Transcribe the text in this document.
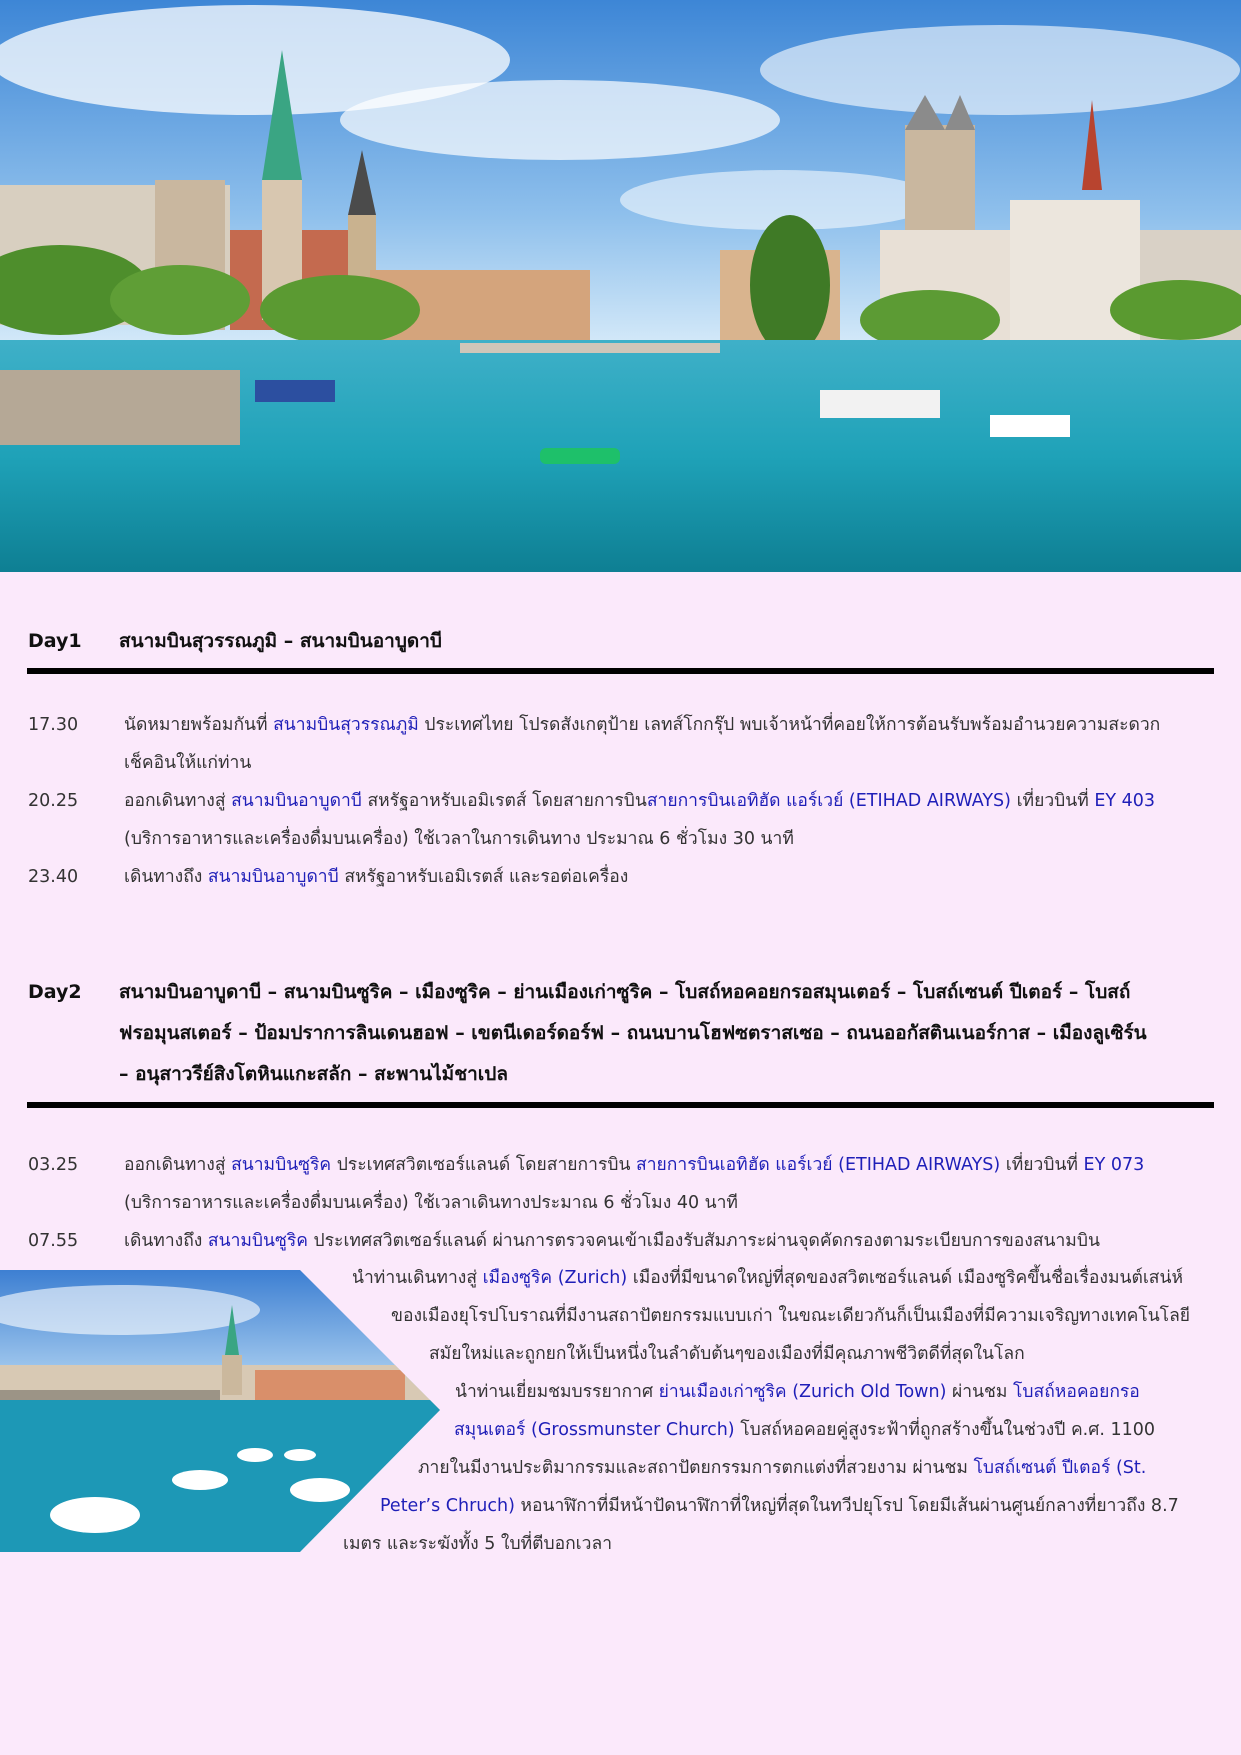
Day1	สนามบินสุวรรณภูมิ – สนามบินอาบูดาบี
17.30	นัดหมายพร้อมกันที่ สนามบินสุวรรณภูมิ ประเทศไทย โปรดสังเกตุป้าย เลทส์โกกรุ๊ป พบเจ้าหน้าที่คอยให้การต้อนรับพร้อมอำนวยความสะดวก
เช็คอินให้แก่ท่าน
20.25	ออกเดินทางสู่ สนามบินอาบูดาบี สหรัฐอาหรับเอมิเรตส์ โดยสายการบินสายการบินเอทิฮัด แอร์เวย์ (ETIHAD AIRWAYS) เที่ยวบินที่ EY 403
(บริการอาหารและเครื่องดื่มบนเครื่อง) ใช้เวลาในการเดินทาง ประมาณ 6 ชั่วโมง 30 นาที
23.40	เดินทางถึง สนามบินอาบูดาบี สหรัฐอาหรับเอมิเรตส์ และรอต่อเครื่อง
Day2	สนามบินอาบูดาบี – สนามบินซูริค – เมืองซูริค – ย่านเมืองเก่าซูริค – โบสถ์หอคอยกรอสมุนเตอร์ – โบสถ์เซนต์ ปีเตอร์ – โบสถ์
ฟรอมุนสเตอร์ – ป้อมปราการลินเดนฮอฟ – เขตนีเดอร์ดอร์ฟ – ถนนบานโฮฟซตราสเซอ – ถนนออกัสตินเนอร์กาส – เมืองลูเซิร์น
– อนุสาวรีย์สิงโตหินแกะสลัก – สะพานไม้ชาเปล
03.25	ออกเดินทางสู่ สนามบินซูริค ประเทศสวิตเซอร์แลนด์ โดยสายการบิน สายการบินเอทิฮัด แอร์เวย์ (ETIHAD AIRWAYS) เที่ยวบินที่ EY 073
(บริการอาหารและเครื่องดื่มบนเครื่อง) ใช้เวลาเดินทางประมาณ 6 ชั่วโมง 40 นาที
07.55	เดินทางถึง สนามบินซูริค ประเทศสวิตเซอร์แลนด์ ผ่านการตรวจคนเข้าเมืองรับสัมภาระผ่านจุดคัดกรองตามระเบียบการของสนามบิน
นำท่านเดินทางสู่ เมืองซูริค (Zurich) เมืองที่มีขนาดใหญ่ที่สุดของสวิตเซอร์แลนด์ เมืองซูริคขึ้นชื่อเรื่องมนต์เสน่ห์
ของเมืองยุโรปโบราณที่มีงานสถาปัตยกรรมแบบเก่า ในขณะเดียวกันก็เป็นเมืองที่มีความเจริญทางเทคโนโลยี
สมัยใหม่และถูกยกให้เป็นหนึ่งในลำดับต้นๆของเมืองที่มีคุณภาพชีวิตดีที่สุดในโลก
นำท่านเยี่ยมชมบรรยากาศ ย่านเมืองเก่าซูริค (Zurich Old Town) ผ่านชม โบสถ์หอคอยกรอ
สมุนเตอร์ (Grossmunster Church) โบสถ์หอคอยคู่สูงระฟ้าที่ถูกสร้างขึ้นในช่วงปี ค.ศ. 1100
ภายในมีงานประติมากรรมและสถาปัตยกรรมการตกแต่งที่สวยงาม ผ่านชม โบสถ์เซนต์ ปีเตอร์ (St.
Peter’s Chruch) หอนาฬิกาที่มีหน้าปัดนาฬิกาที่ใหญ่ที่สุดในทวีปยุโรป โดยมีเส้นผ่านศูนย์กลางที่ยาวถึง 8.7
เมตร และระฆังทั้ง 5 ใบที่ตีบอกเวลา
